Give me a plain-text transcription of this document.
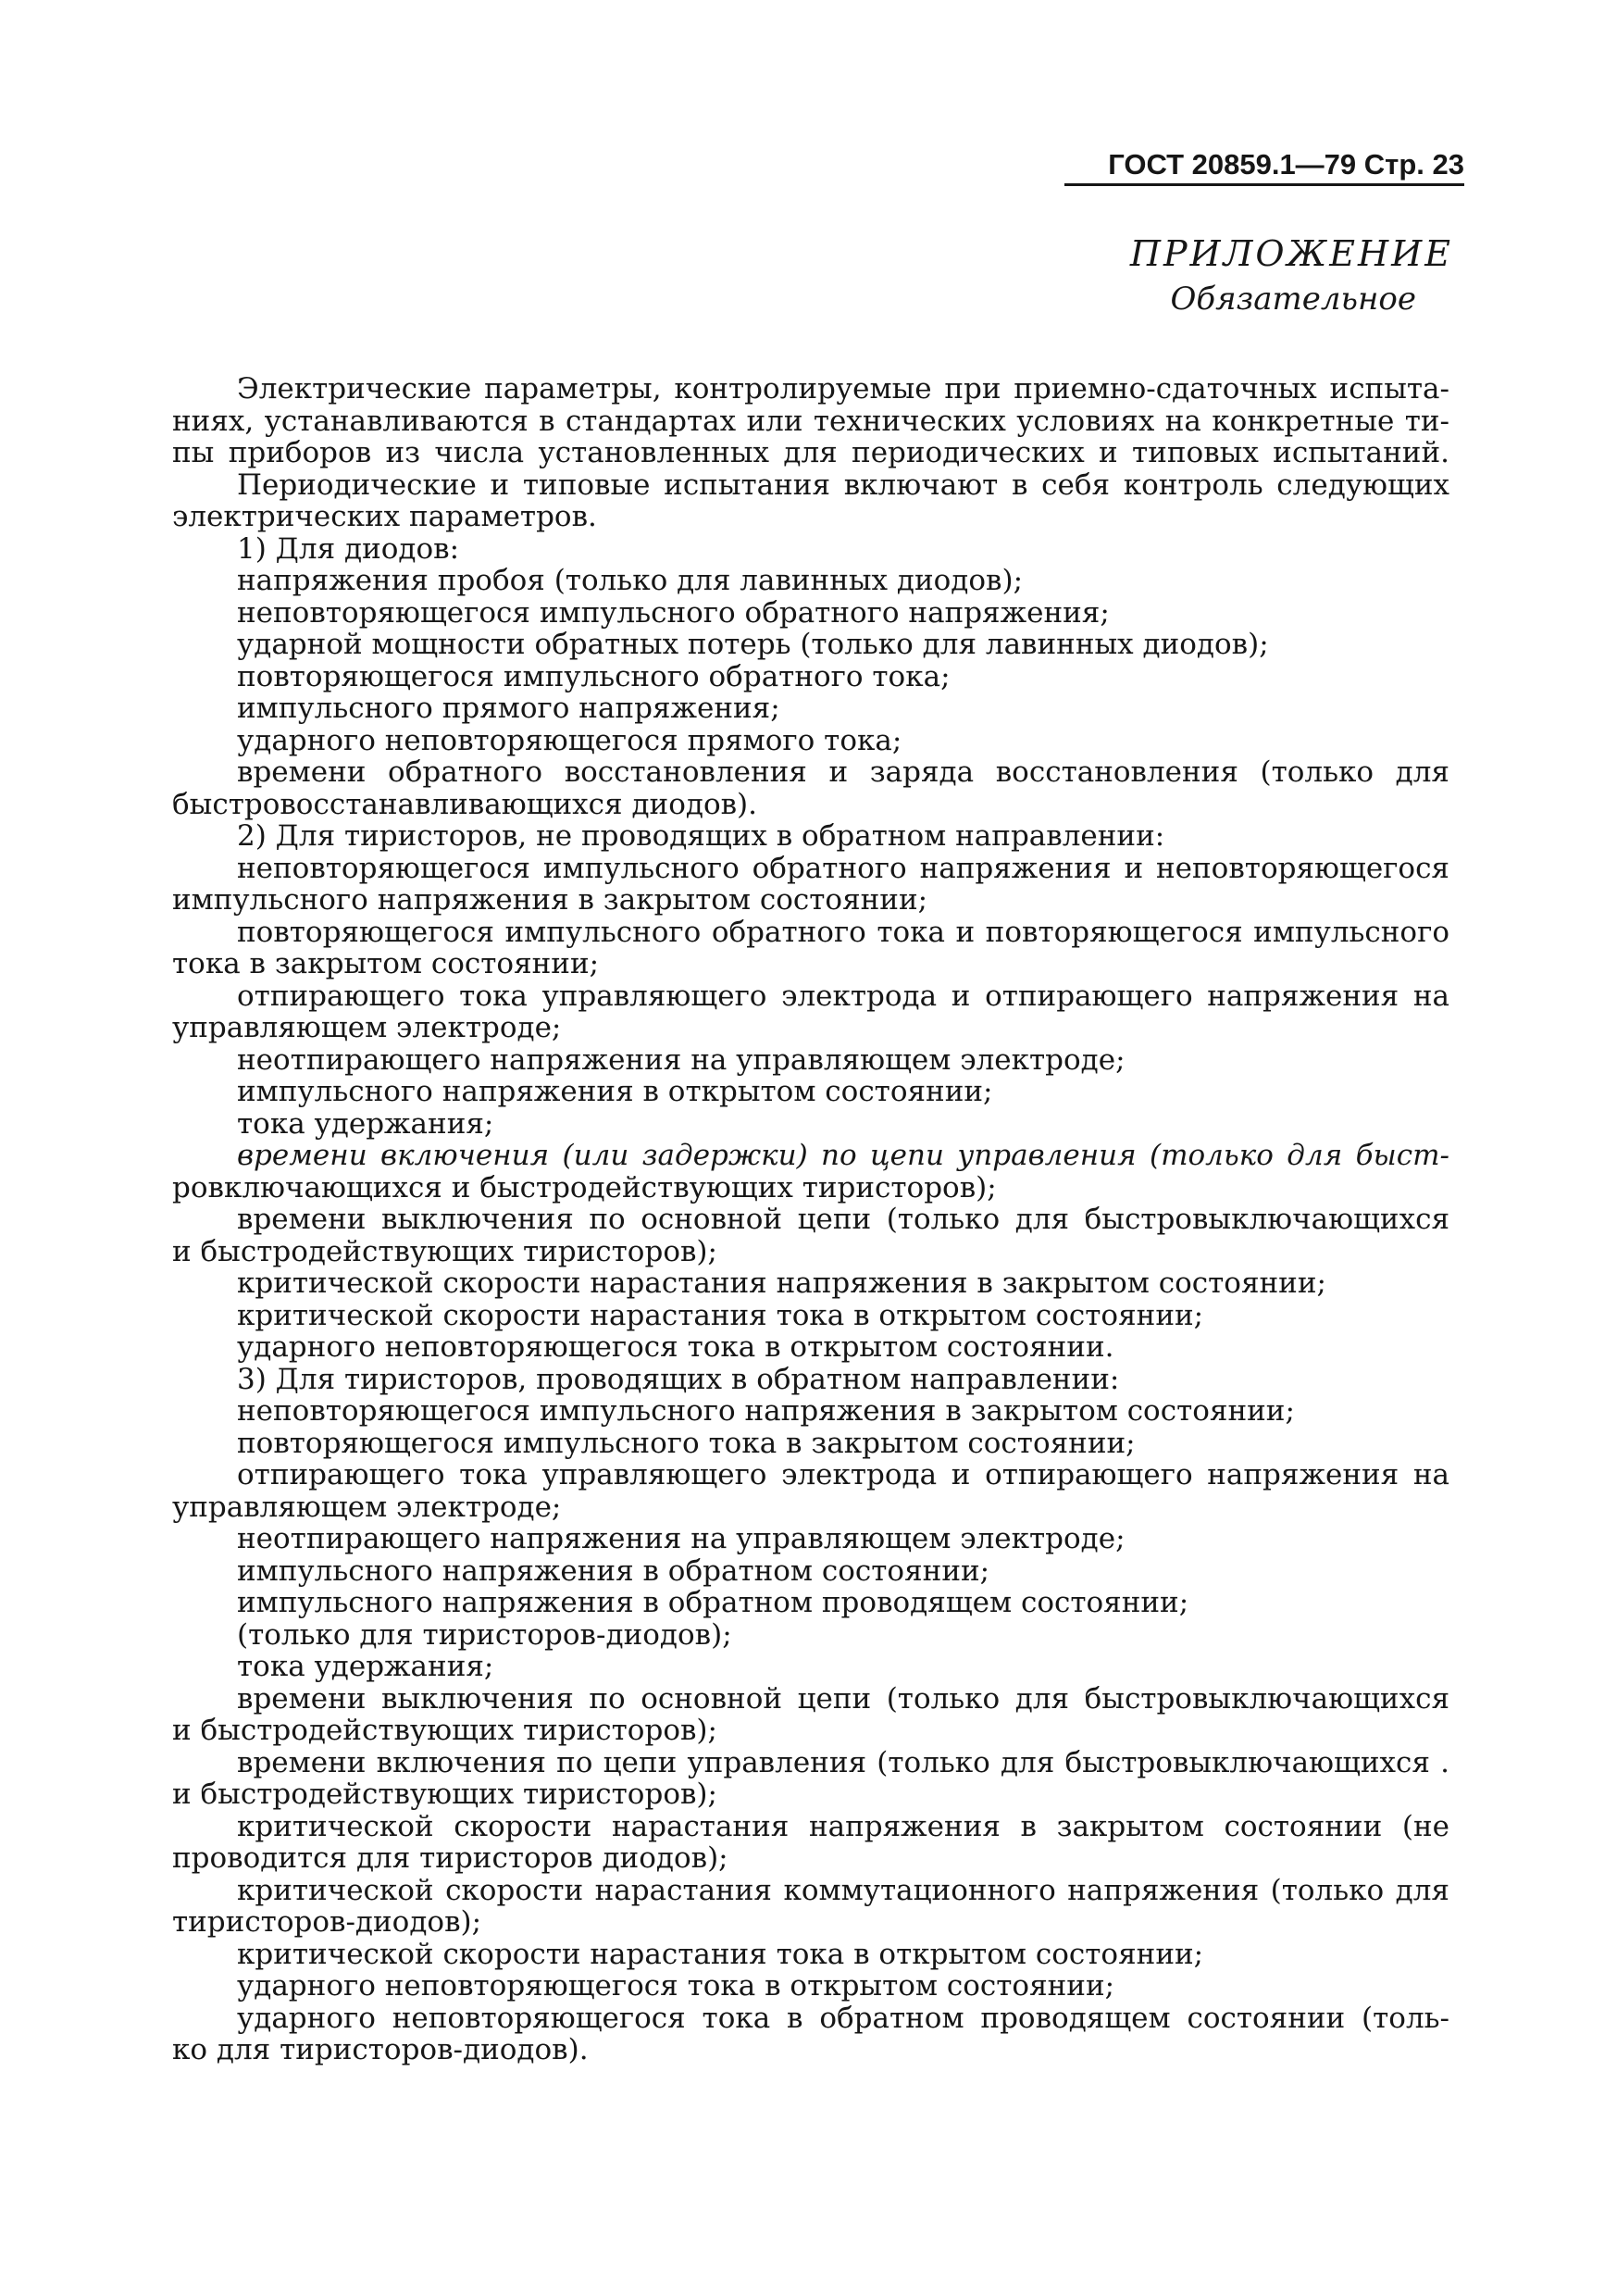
ГОСТ 20859.1—79 Стр. 23
ПРИЛОЖЕНИЕ
Обязательное
Электрические параметры, контролируемые при приемно-сдаточных испыта-
ниях, устанавливаются в стандартах или технических условиях на конкретные ти-
пы приборов из числа установленных для периодических и типовых испытаний.
Периодические и типовые испытания включают в себя контроль следующих
электрических параметров.
1) Для диодов:
напряжения пробоя (только для лавинных диодов);
неповторяющегося импульсного обратного напряжения;
ударной мощности обратных потерь (только для лавинных диодов);
повторяющегося импульсного обратного тока;
импульсного прямого напряжения;
ударного неповторяющегося прямого тока;
времени обратного восстановления и заряда восстановления (только для
быстровосстанавливающихся диодов).
2) Для тиристоров, не проводящих в обратном направлении:
неповторяющегося импульсного обратного напряжения и неповторяющегося
импульсного напряжения в закрытом состоянии;
повторяющегося импульсного обратного тока и повторяющегося импульсного
тока в закрытом состоянии;
отпирающего тока управляющего электрода и отпирающего напряжения на
управляющем электроде;
неотпирающего напряжения на управляющем электроде;
импульсного напряжения в открытом состоянии;
тока удержания;
времени включения (или задержки) по цепи управления (только для быст-
ровключающихся и быстродействующих тиристоров);
времени выключения по основной цепи (только для быстровыключающихся
и быстродействующих тиристоров);
критической скорости нарастания напряжения в закрытом состоянии;
критической скорости нарастания тока в открытом состоянии;
ударного неповторяющегося тока в открытом состоянии.
3) Для тиристоров, проводящих в обратном направлении:
неповторяющегося импульсного напряжения в закрытом состоянии;
повторяющегося импульсного тока в закрытом состоянии;
отпирающего тока управляющего электрода и отпирающего напряжения на
управляющем электроде;
неотпирающего напряжения на управляющем электроде;
импульсного напряжения в обратном состоянии;
импульсного напряжения в обратном проводящем состоянии;
(только для тиристоров-диодов);
тока удержания;
времени выключения по основной цепи (только для быстровыключающихся
и быстродействующих тиристоров);
времени включения по цепи управления (только для быстровыключающихся .
и быстродействующих тиристоров);
критической скорости нарастания напряжения в закрытом состоянии (не
проводится для тиристоров диодов);
критической скорости нарастания коммутационного напряжения (только для
тиристоров-диодов);
критической скорости нарастания тока в открытом состоянии;
ударного неповторяющегося тока в открытом состоянии;
ударного неповторяющегося тока в обратном проводящем состоянии (толь-
ко для тиристоров-диодов).
